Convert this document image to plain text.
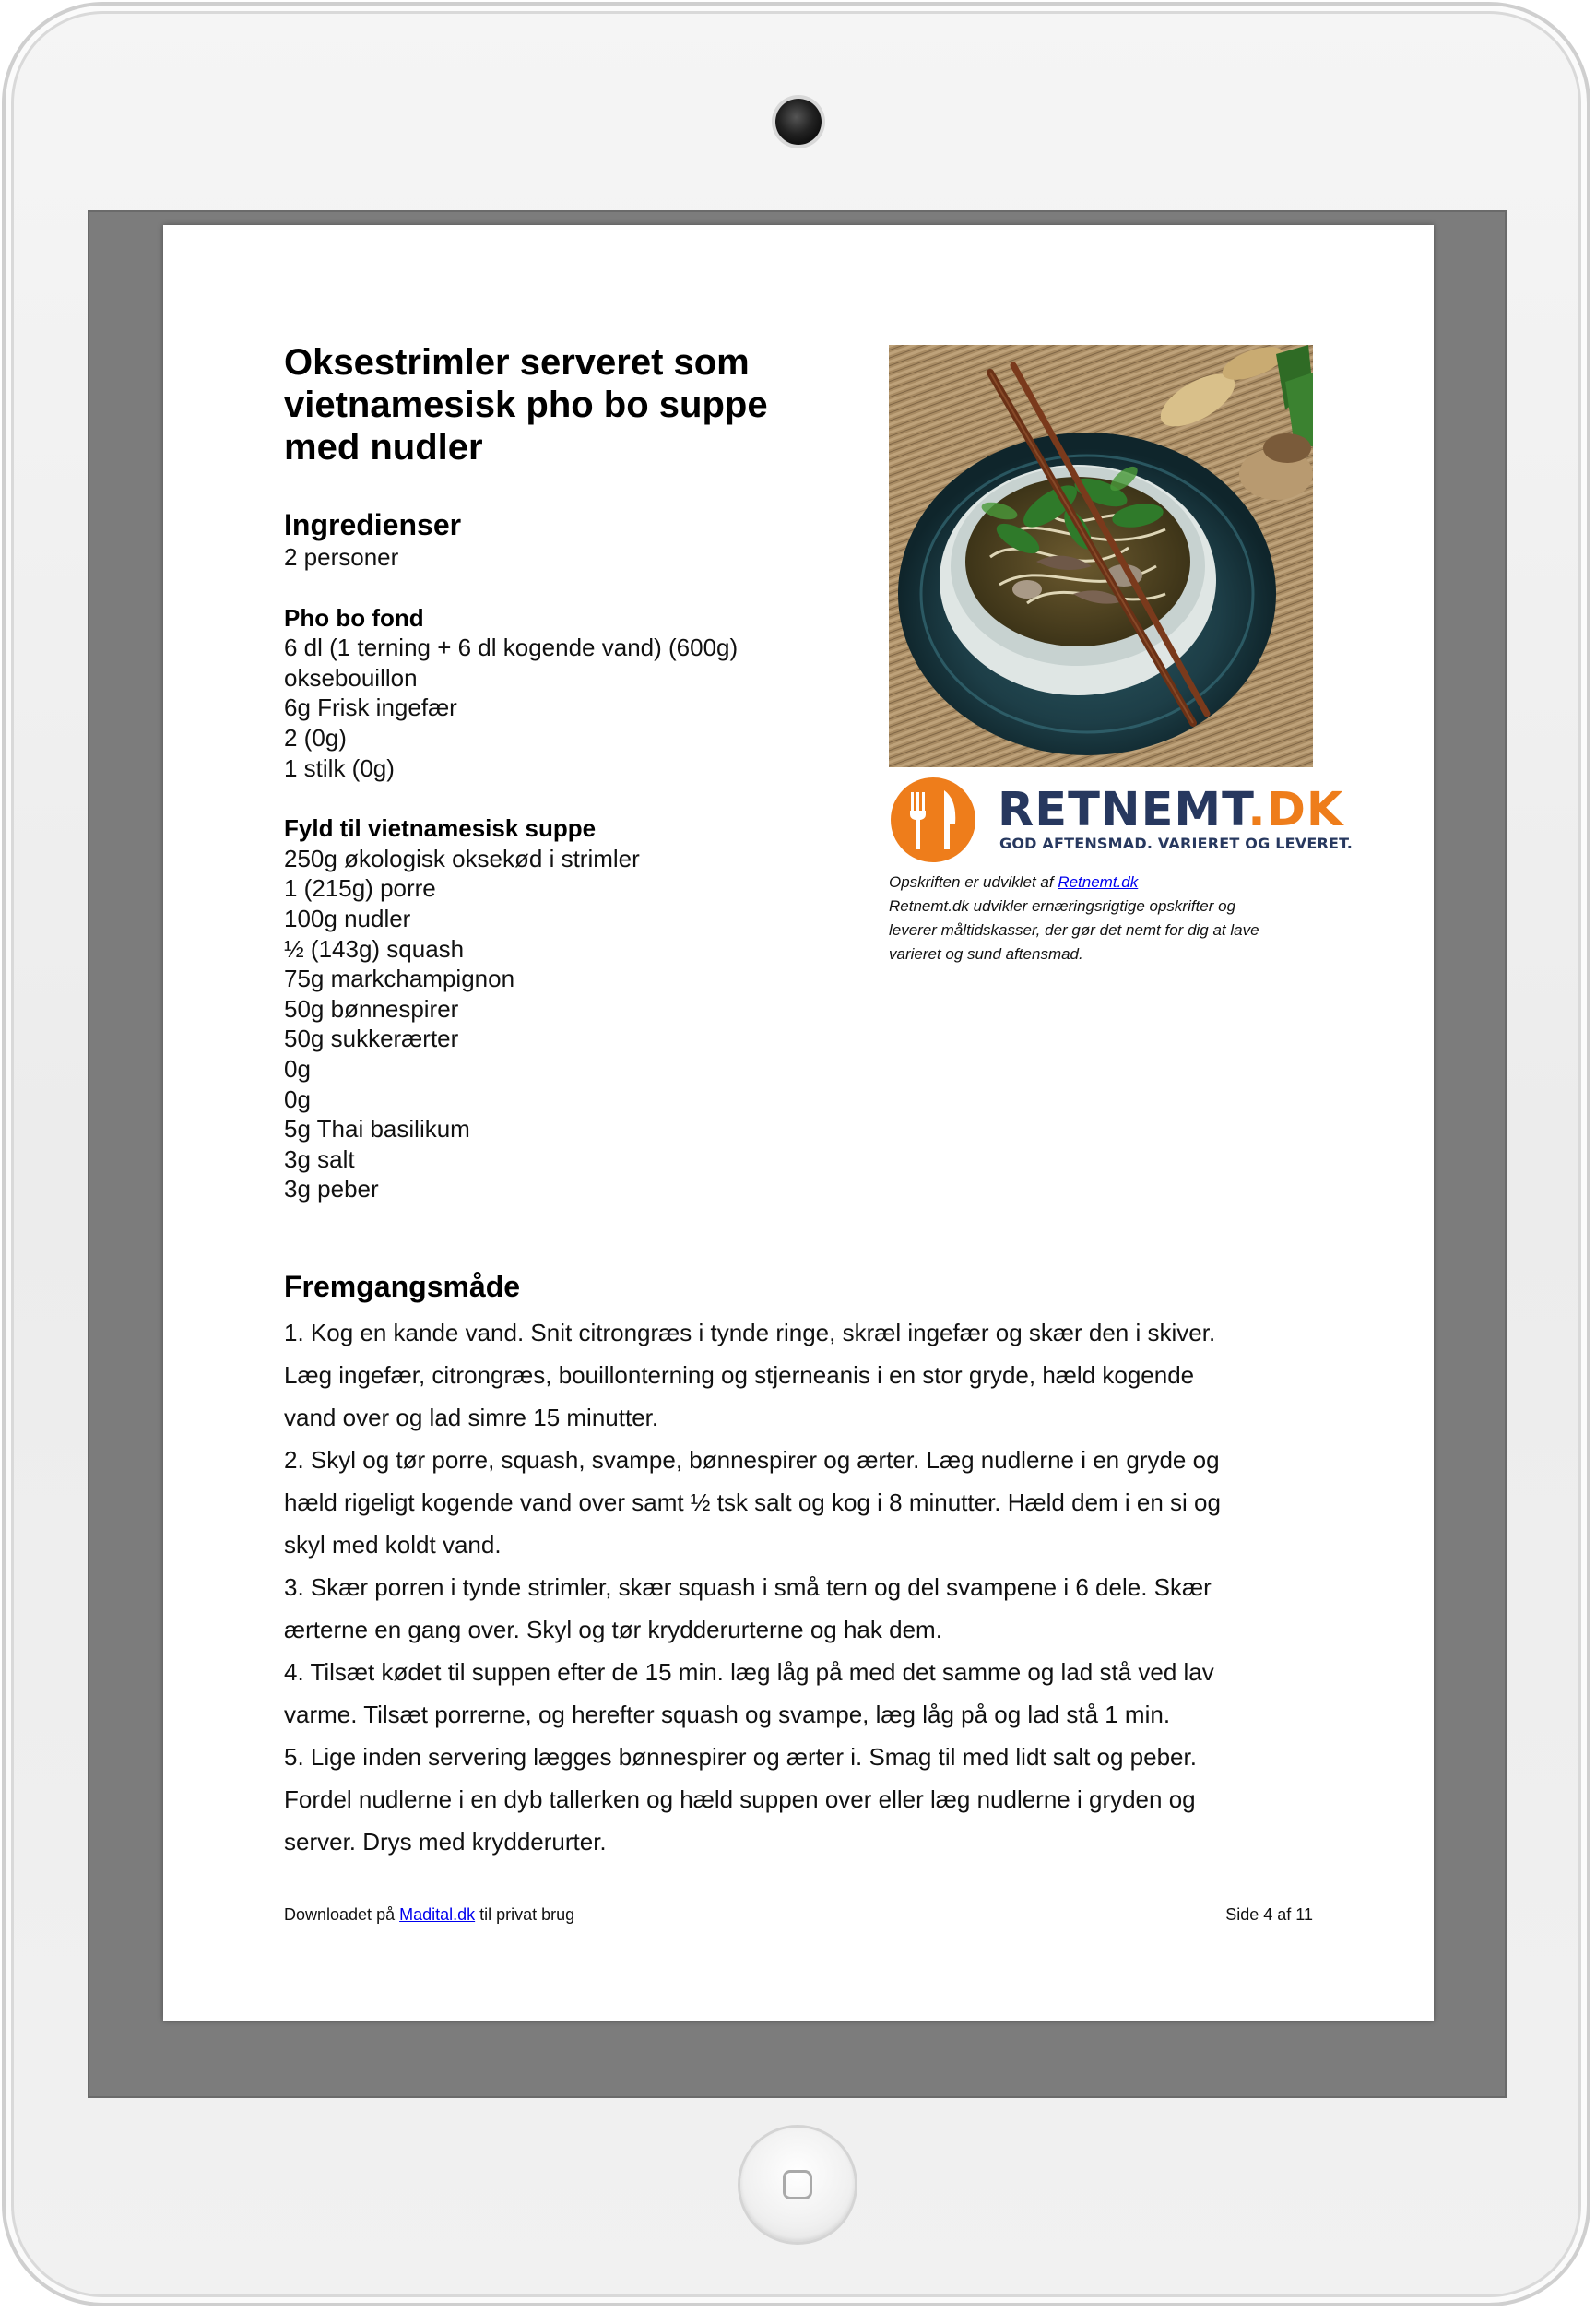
Oksestrimler serveret som
vietnamesisk pho bo suppe
med nudler

Ingredienser

2 personer

Pho bo fond

6 dl (1 terning + 6 dl kogende vand) (600g)

oksebouillon

6g Frisk ingefær

2 (0g)

1 stilk (0g)

Fyld til vietnamesisk suppe

250g økologisk oksekød i strimler

1 (215g) porre

100g nudler

½ (143g) squash

75g markchampignon

50g bønnespirer

50g sukkerærter

0g

0g

5g Thai basilikum

3g salt

3g peber

RETNEMT.DK
GOD AFTENSMAD. VARIERET OG LEVERET.
Opskriften er udviklet af Retnemt.dk
Retnemt.dk udvikler ernæringsrigtige opskrifter og
leverer måltidskasser, der gør det nemt for dig at lave
varieret og sund aftensmad.

Fremgangsmåde

1. Kog en kande vand. Snit citrongræs i tynde ringe, skræl ingefær og skær den i skiver.

Læg ingefær, citrongræs, bouillonterning og stjerneanis i en stor gryde, hæld kogende

vand over og lad simre 15 minutter.

2. Skyl og tør porre, squash, svampe, bønnespirer og ærter. Læg nudlerne i en gryde og

hæld rigeligt kogende vand over samt ½ tsk salt og kog i 8 minutter. Hæld dem i en si og

skyl med koldt vand.

3. Skær porren i tynde strimler, skær squash i små tern og del svampene i 6 dele. Skær

ærterne en gang over. Skyl og tør krydderurterne og hak dem.

4. Tilsæt kødet til suppen efter de 15 min. læg låg på med det samme og lad stå ved lav

varme. Tilsæt porrerne, og herefter squash og svampe, læg låg på og lad stå 1 min.

5. Lige inden servering lægges bønnespirer og ærter i. Smag til med lidt salt og peber.

Fordel nudlerne i en dyb tallerken og hæld suppen over eller læg nudlerne i gryden og

server. Drys med krydderurter.

Downloadet på Madital.dk til privat brug	Side 4 af 11
